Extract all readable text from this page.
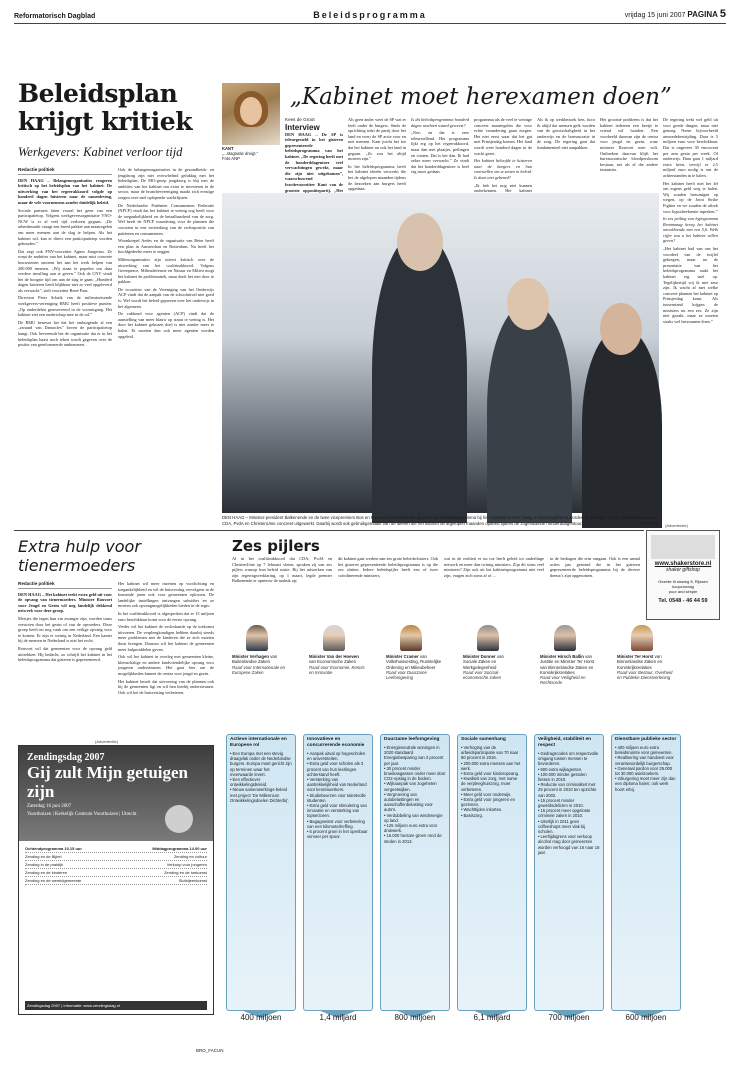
Reformatorisch Dagblad	Beleidsprogramma	vrijdag 15 juni 2007 PAGINA 5
Beleidsplan krijgt kritiek
Werkgevers: Kabinet verloor tijd
Redactie politiek

DEN HAAG – Belangenorganisaties reageren kritisch op het beleidsplan van het kabinet. De uitwerking van het regeerakkoord volgde op honderd dagen luisteren naar de samenleving, maar de vele voornemens zonder duidelijk beleid.

Sociale partners laten vooral het geen van een participatietop. Volgens werkgeversorganisatie VNO-NCW is er al veel tijd verloren gegaan. „De arbeidsmarkt vraagt een breed pakket aan maatregelen om meer mensen aan de slag te helpen. Als het kabinet wil, kan er direct een participatietop worden gehouden.”

Dat zegt ook FNV-voorzitter Agnes Jongerius. Ze roept de ambities van het kabinet, maar mist concrete bouwstenen omtrent het aan het werk helpen van 200.000 mensen. „Wij staan te popelen om daar verdere invulling aan te geven.” Ook de CNV vindt het de hoogste tijd om aan de slag te gaan. „Honderd dagen luisteren heeft blijkbaar niet zo veel opgeleverd als verwacht”, stelt voorzitter René Paas.

Directeur Peter Schaik van de milieutoetsende werkgevers-vereniging RMU heeft positieve punten: „Op onderdelen gereserveerd in de vooruitgang. Het kabinet ziet een ouderschap mee in de rol.”

De RMU betreurt het dat het ombuigende al een „zwaard van Damocles” boven de participatietop hangt. Ook bevreemdt het de organisatie dat er in het beleidsplan haast noch teken wordt gegeven over de positie van gereformeerde ambtenaren.

Ook de belangenorganisaties in de gezondheids- en jeugdzorg zijn niet overwhelmd gelukkig met het beleidsplan. De MO-groep jeugdzorg is blij met de ambities van het kabinet om extra te investeren in de sector, maar de branchevereniging maakt zich ernstige zorgen over snel oplopende wachtlijsten.

De Nederlandse Patiënten Consumenten Federatie (NPCF) vindt dat het kabinet te weinig oog heeft voor de toegankelijkheid en de betaalbaarheid van de zorg. Wel heeft de NPCF waardering voor de plannen die voorzien in een versterking van de rechtspositie van patiënten en consumenten.

Woonkoepel Aedes en de organisatie van Beter heeft een plan in Amsterdam en Rotterdam. Nu heeft het hoofdgedeelte meer te zeggen.

Milieuorganisaties zijn uiterst kritisch over de uitwerking van het coalitieakkoord. Volgens Greenpeace, Milieudefensie en Natuur en Milieu mogt het kabinet de problematiek, maar durft het niet door te pakken.

De voorzitter van de Vereniging van het Onderwijs ACP vindt dat de aanpak van de schooluitval niet goed is. Wel wordt het beleid geprezen over het onderwijs in het algemeen.

De vakbond voor agenten (ACP) vindt dat de aanstelling van meer blauw op straat te weinig is. Het door het kabinet gekozen doel is niet zonder meer te halen. Er moeten dan ook meer agenten worden opgeleid.

KANT
„...stagnatie dreigt.”
Foto ANP
„Kabinet moet herexamen doen”
Kees de Groot
Interview

DEN HAAG – De SP is teleurgesteld in het gisteren gepresenteerde beleidsprogramma van het kabinet. „De regering heeft met de honderddagentoer veel verwachtingen gewekt, maar die zijn niet uitgekomen”, waarschuwend fractievoorzitter Kant van de grootste oppositiepartij. „Het

Als geen ander weet de SP wat er leeft onder de burgers. Sinds de oprichting trekt de partij door het land en voert de SP actie voor en met mensen. Kant juicht het toe dat het kabinet nu ook het land in gegaan. „Zo zou het altijd moeten zijn.”

In het beleidsprogramma heeft het kabinet ideeën verwerkt die het de afgelopen maanden tijdens de bezoeken aan burgers heeft opgedaan.

Is dit beleidsprogramma honderd dagen wachten waard geweest?

„Nee, en dat is zeer teleurstellend. Het programma lijkt erg op het regeerakkoord, maar dan met plaatjes, peilingen en citaten. Dat is het dan. Ik had zeker meer verwacht.” Ze vindt dat het honderddagentoer is heel erg mooi gedaan.

programma als de veel te weinige concrete maatregelen die voor echte verandering gaan zorgen. Het niet eerst waar dat het gat met Prinsjesdag komen. Het land wordt weer honderd dagen in de wacht gezet.

Het kabinet beloofde te luisteren naar de burgers en hun voorstellen om te zetten in beleid. Is daar niet gebeurd?

„Ik heb het nog niet kunnen onderkennen. Het kabinet

Als ik op werkbezoek ben, hoor ik altijd dat mensen geïk worden van de grootschaligheid in het onderwijs en de bureaucratie in de zorg. De regering gaat dat fundamenteel niet aanpakken.

Het grootste probleem is dat het kabinet iedereen een beetje te vriend wil houden. Een voorbeeld daarvan zijn de centra voor jeugd en gezin, waar minister Rouvoet mee wilt. Ontbreken daarvan blijft het bureaucratische bloedpersboom bestaan, net als al die andere instanties.

De regering trekt wel geld uit voor goede dingen, maar niet genoeg. Neem bijvoorbeeld armoedebestrijding. Daar is 5 miljoen euro voor beschikbaar. Dat is ongeveer 30 euroocent per arm gezin per week. Of onderwijs. Daar gaat 1 miljard extra heen, terwijl er 2,5 miljard euro nodig is om de achterstanden in te halen.

Het kabinet heeft niet het lef om ergens geld weg te halen. Wij zouden bezuinigen op wegen, op de Joint Strike Fighter en we zouden de aftrek voor hypotheekrente inperken.”

In zes peiling van hypogramma Rentmanag kreeg het kabinet onvoldoende met een 5,6. Welk cijfer zou u het kabinet willen geven?

„Het kabinet had van ons het voordeel van de twijfel gekregen, maar na de presentatie van het beleidsprogramma raakt het kabinet erg snel op. Tegelijkertijd wij ik niet zeur zijn. Ik wacht af met welke concrete plannen het kabinet op Prinsjesdag komt. Als tussenstand krijgen de ministers nu een zes. Ze zijn niet gezakt, maar ze moeten straks wel herexamen doen.”

DEN HAAG – Minister-president Balkenende en de twee vicepremiers Bos en Rouvoet presenteerden gisteren het beleidsprogramma bij het Catshuis in Den Haag. In het programma worden de ambities uit het coalitieakkoord van CDA, PvdA en ChristenUnie concreet uitgewerkt. Daarbij wordt ook gebruikgemaakt van de ideeën die het kabinet de afgelopen maanden opdeed tijdens de zogenaamde honderddagentour.	Foto ANP
Extra hulp voor tienermoeders
Redactie politiek

DEN HAAG – Het kabinet trekt extra geld uit voor de opvang van tienermoeders. Minister Rouvoet voor Jeugd en Gezin wil nog landelijk dekkend netwerk voor deze groep.

Meisjes die tegen hun zin zwanger zijn, worden soms verstoten door het gezin of van de opvoeders. Deze groep heeft nu nog vaak om een veilige opvang voor te komen. Er zijn er weinig in Nederland. Een kamer bij de mensen in Nederland is niet het recht.

Rouvoet wil dat gemeenten voor de opvang geld uittrekken. Hij bedacht, zo schrijft het kabinet in het beleidsprogramma dat gisteren is gepresenteerd.

Het kabinet wil meer inzetten op voorlichting en toegankelijkheid en wil de huisvesting vervolgens in de komende jaren ook voor gemeenten oplossen. De landelijke instellingen ontvangen subsidies en ze moeten ook opvangmogelijkheden bieden in de regio.

In het coalitieakkoord is afgesproken dat er 15 miljoen euro beschikbaar komt voor de eerste opvang.

Verder wil het kabinet de verloskunde op de toekomst uitvoeren. De verpleegkundigen hebben daarbij steeds meer problemen met de kinderen die ze zich moeten thuis brengen. Daarom wil het kabinet de gemeenten meer hulpmiddelen geven.

Ook wil het kabinet in overleg met gemeenten kleine, kleinschalige en andere kindvriendelijke opvang voor jongeren ondersteunen. Het gaat hier om de mogelijkheden binnen de centra voor jeugd en gezin.

Het kabinet beseft dat uitvoering van de plannen ook bij de gemeenten ligt en wil hen hierbij ondersteunen. Ook wil het de huisvesting verbeteren.

(Advertentie)
www.shakerstore.nl
shaker giftshop
Gezelle Kruisweg 8, Rijssen
koopzondag
puur and simple
Tel. 0548 - 46 44 59
Zes pijlers

Al in het coalitieakkoord dat CDA, PvdA en ChristenUnie op 7 februari sloten, spraken zij van zes pijlers waarop hun beleid rustte. Bij het uitwerken van zijn regeringsverklaring, op 1 maart, legde premier Balkenende er opnieuw de nadruk op;

dit kabinet gaat werken aan zes grote beleidsclusters. Ook het gisteren gepresenteerde beleidsprogramma is op die zes sluiten. Iedere beleidspijler heeft een of twee coördinerende ministers,

wat in de realiteit er nu toe heeft geleid tot onderlinge netwerk en meer dan twintig ministers. Zijn dit sóms veel ministers? Zijn ook uit het kabinetsprogramma niet veel zijn, vragen zich soms af of ...

in de bedragen die erin omgaan. Ook is een aantal acties pas genomd die in het gisteren gepresenteerde beleidsprogramma bij de diverse thema’s zijn opgenomen.

Minister Verhagen van Buitenlandse Zaken
Raad voor Internationale en Europese Zaken
Minister Van der Hoeven van Economische Zaken
Raad voor Economie, Kennis en Innovatie
Minister Cramer van Volkshuisvesting, Ruimtelijke Ordening en Milieubeheer
Raad voor Duurzame Leefomgeving
Minister Donner van Sociale Zaken en Werkgelegenheid
Raad voor Sociaal-economische zaken
Minister Hirsch Ballin van Justitie en Minister Ter Horst van Binnenlandse Zaken en Koninkrijksrelaties
Raad voor Veiligheid en Rechtsorde
Minister Ter Horst van Binnenlandse Zaken en Koninkrijksrelaties
Raad voor Bestuur, Overheid en Publieke Dienstverlening
Actieve internationale en Europese rol
• Een Europa met een stevig draagvlak onder de Nederlandse burgers. Europa moet gericht zijn op terreinen waar het meerwaarde levert.
• Een effectiever ontwikkelingsbeleid.
• Nieuw samenwerkings-beleid met project ‘De Millennium Ontwikkelingsdoelen Dichterbij’.
400 miljoen
Innovatieve en concurrerende economie
• Aanpak uitval op hogescholen en universiteiten.
• Extra geld voor scholen als 3 procent van hun leerlingen achterstand heeft.
• Versterking van aantrekkelijkheid van Nederland voor kenniswerkers.
• Studiebeurzen voor talentvolle studenten.
• Extra geld voor stimulering van innovatie en versterking van topsectoren.
• Bagagewinst voor verbetering van een kilometerheffing.
• 5 procent groei in het openbaar vervoer per spoor.
1,4 miljard
Duurzame leefomgeving
• Energieneutrale woningen in 2020 standaard. Energiebesparing van 2 procent per jaar.
• 30 procent minder broeikasgassen onder meer door CO2-opslag in de bodem.
• Wijkaanpak van zogeheten vergeetwijken.
• Vergroening van autobelastingen en aanschaffenbelasting voor auto’s.
• Verdubbeling van windenergie op land.
• 125 miljoen euro extra voor drukwerk.
• 16.000 hectare groen rond de steden in 2013.
800 miljoen
Sociale samenhang
• Verhoging van de arbeidsparticipatie van 70 naar 80 procent in 2016.
• 200.000 extra mensen aan het werk.
• Extra geld voor kinderopvang.
• Kwaliteit van zorg, met name de verpleeghuiszorg, moet verbeteren.
• Meer geld voor onderwijs.
• Extra geld voor jongeren en gezinnen.
• Wachttijden inkorten.
• Basiszorg.
6,1 miljard
Veiligheid, stabiliteit en respect
• Gedragscodes om respectvolle omgang tussen mensen te bevorderen.
• 500 extra wijkagenten.
• 100.000 minder gestolen fietsen in 2010.
• Reductie van criminaliteit met 25 procent in 2010 ten opzichte van 2002.
• 15 procent minder geweldsdelicten in 2010.
• 15 procent meer opgeloste criminele zaken in 2010.
• Uiterlijk in 2011 geen coffeeshops meer vlak bij scholen.
• Leeftijdsgrens voor verkoop alcohol mag door gemeenten worden verhoogd van 16 naar 18 jaar.
700 miljoen
Dienstbare publieke sector
• 400 miljoen euro extra beleidsruimte voor gemeenten.
• Reallsering van handvest voor verantwoordelijk burgerschap.
• Generaal pardon voor 25.000 tot 30.000 asielzoekers.
• Inburgering moet meer zijn dan een diploma halen; ook werk hoort erbij.
600 miljoen
(Advertentie)
Zendingsdag 2007
Gij zult Mijn getuigen zijn
Zaterdag 16 juni 2007
Voorthuizen | Kerkelijk Centrum Voorthuizen | Utrecht
Ochtendprogramma 10.15 uur	Middagprogramma 14.00 uur
Zending en de Bijbel	Zending en cultuur
Zending in de praktijk	Verkoop voor jongeren
Zending en de kinderen	Zending en de toekomst
Zending en de wereldgemeente	Slotbijeenkomst
Zendingsdag 2007 | Informatie: www.zendingsdag.nl
BRO_FACUN
